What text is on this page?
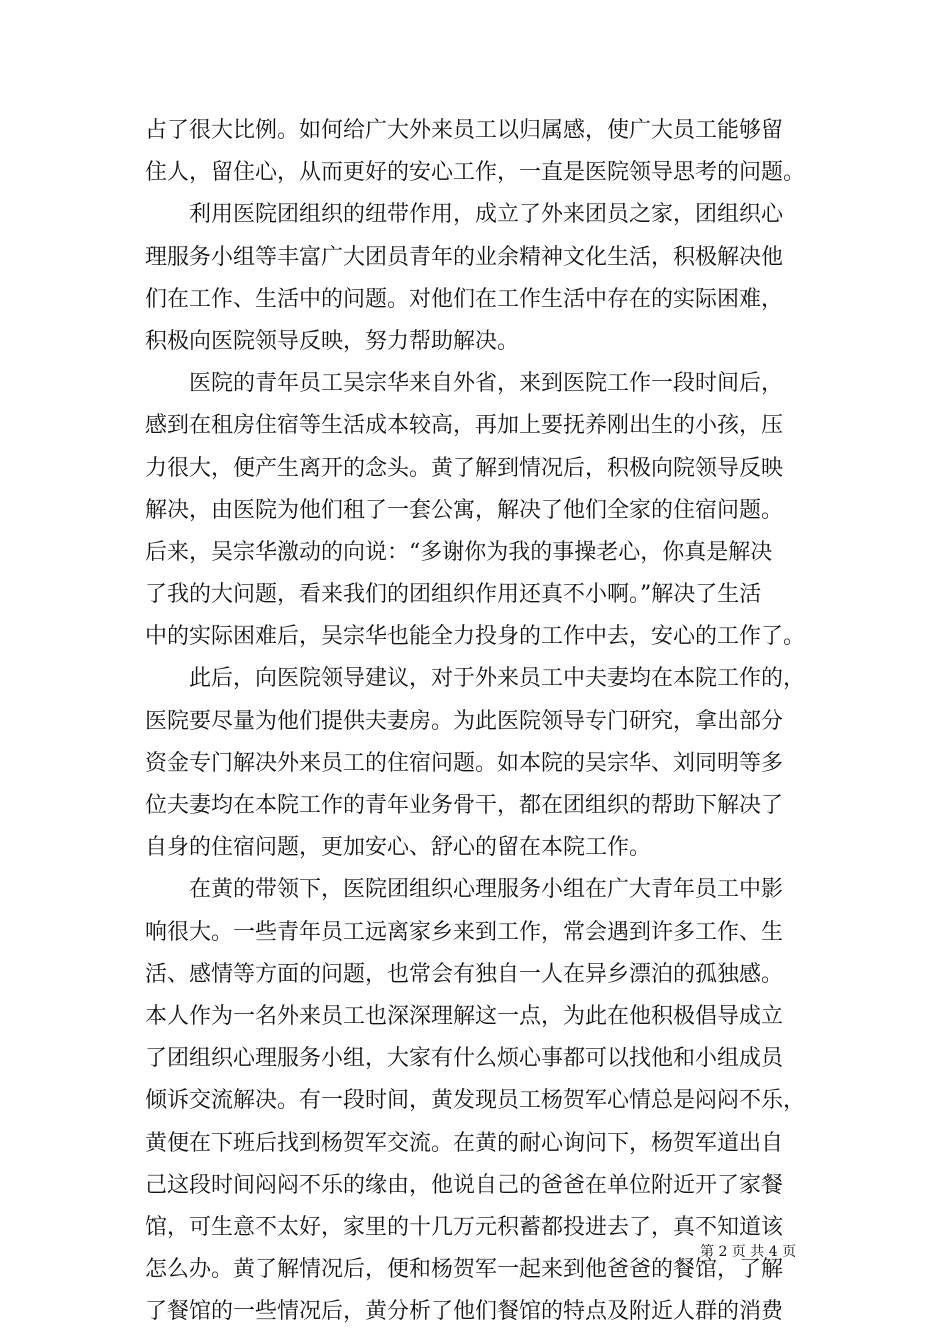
占了很大比例。如何给广大外来员工以归属感，使广大员工能够留
住人，留住心，从而更好的安心工作，一直是医院领导思考的问题。
利用医院团组织的纽带作用，成立了外来团员之家，团组织心
理服务小组等丰富广大团员青年的业余精神文化生活，积极解决他
们在工作、生活中的问题。对他们在工作生活中存在的实际困难，
积极向医院领导反映，努力帮助解决。
医院的青年员工吴宗华来自外省，来到医院工作一段时间后，
感到在租房住宿等生活成本较高，再加上要抚养刚出生的小孩，压
力很大，便产生离开的念头。黄了解到情况后，积极向院领导反映
解决，由医院为他们租了一套公寓，解决了他们全家的住宿问题。
后来，吴宗华激动的向说：“多谢你为我的事操老心，你真是解决
了我的大问题，看来我们的团组织作用还真不小啊。”解决了生活
中的实际困难后，吴宗华也能全力投身的工作中去，安心的工作了。
此后，向医院领导建议，对于外来员工中夫妻均在本院工作的，
医院要尽量为他们提供夫妻房。为此医院领导专门研究，拿出部分
资金专门解决外来员工的住宿问题。如本院的吴宗华、刘同明等多
位夫妻均在本院工作的青年业务骨干，都在团组织的帮助下解决了
自身的住宿问题，更加安心、舒心的留在本院工作。
在黄的带领下，医院团组织心理服务小组在广大青年员工中影
响很大。一些青年员工远离家乡来到工作，常会遇到许多工作、生
活、感情等方面的问题，也常会有独自一人在异乡漂泊的孤独感。
本人作为一名外来员工也深深理解这一点，为此在他积极倡导成立
了团组织心理服务小组，大家有什么烦心事都可以找他和小组成员
倾诉交流解决。有一段时间，黄发现员工杨贺军心情总是闷闷不乐，
黄便在下班后找到杨贺军交流。在黄的耐心询问下，杨贺军道出自
己这段时间闷闷不乐的缘由，他说自己的爸爸在单位附近开了家餐
馆，可生意不太好，家里的十几万元积蓄都投进去了，真不知道该
怎么办。黄了解情况后，便和杨贺军一起来到他爸爸的餐馆，了解
了餐馆的一些情况后，黄分析了他们餐馆的特点及附近人群的消费
第 2 页 共 4 页
